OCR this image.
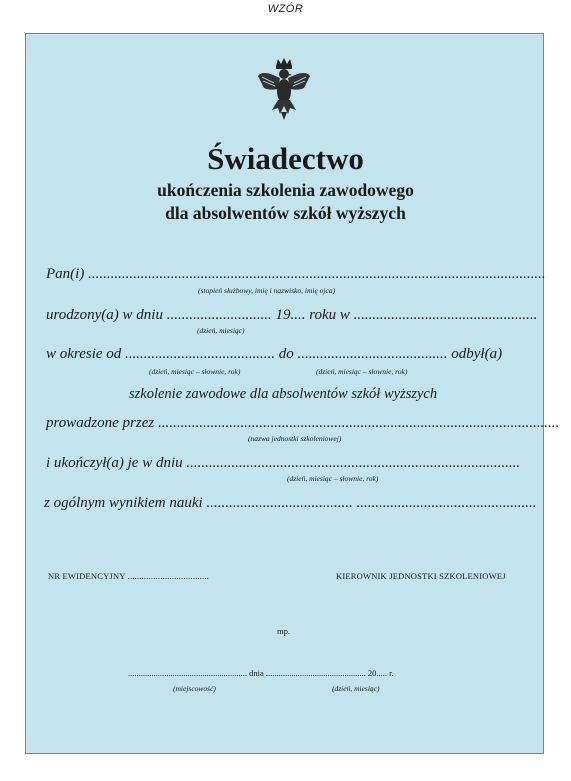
WZÓR
Świadectwo
ukończenia szkolenia zawodowego
dla absolwentów szkół wyższych
Pan(i) ..........................................................................................................................
(stopień służbowy, imię i nazwisko, imię ojca)
urodzony(a) w dniu ............................ 19.... roku w .................................................
(dzień, miesiąc)
w okresie od ........................................ do ........................................ odbył(a)
(dzień, miesiąc – słownie, rok)	(dzień, miesiąc – słownie, rok)
szkolenie zawodowe dla absolwentów szkół wyższych
prowadzone przez ...........................................................................................................
(nazwa jednostki szkoleniowej)
i ukończył(a) je w dniu .........................................................................................
(dzień, miesiąc – słownie, rok)
z ogólnym wynikiem nauki ....................................... ................................................
NR EWIDENCYJNY ...................................	KIEROWNIK JEDNOSTKI SZKOLENIOWEJ
mp.
........................................................ dnia ............................................... 20..... r.
(miejscowość)	(dzień, miesiąc)
